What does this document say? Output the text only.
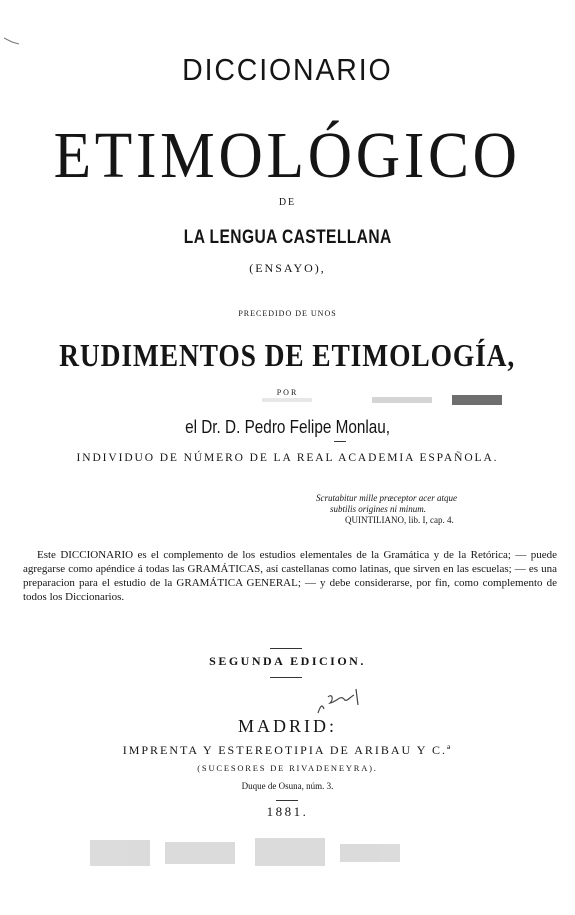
DICCIONARIO
ETIMOLÓGICO
DE
LA LENGUA CASTELLANA
(ENSAYO),
PRECEDIDO DE UNOS
RUDIMENTOS DE ETIMOLOGÍA,
POR
el Dr. D. Pedro Felipe Monlau,
INDIVIDUO DE NÚMERO DE LA REAL ACADEMIA ESPAÑOLA.
Scrutabitur mille præceptor acer atque
subtilis origines ni minum.
QUINTILIANO, lib. I, cap. 4.

Este DICCIONARIO es el complemento de los estudios elementales de la Gramática y de la Retórica; — puede agregarse como apéndice á todas las GRAMÁTICAS, así castellanas como latinas, que sirven en las escuelas; — es una preparacion para el estudio de la GRAMÁTICA GENERAL; — y debe considerarse, por fin, como complemento de todos los Diccionarios.

SEGUNDA EDICION.
MADRID:
IMPRENTA Y ESTEREOTIPIA DE ARIBAU Y C.ª
(SUCESORES DE RIVADENEYRA).
Duque de Osuna, núm. 3.
1881.
